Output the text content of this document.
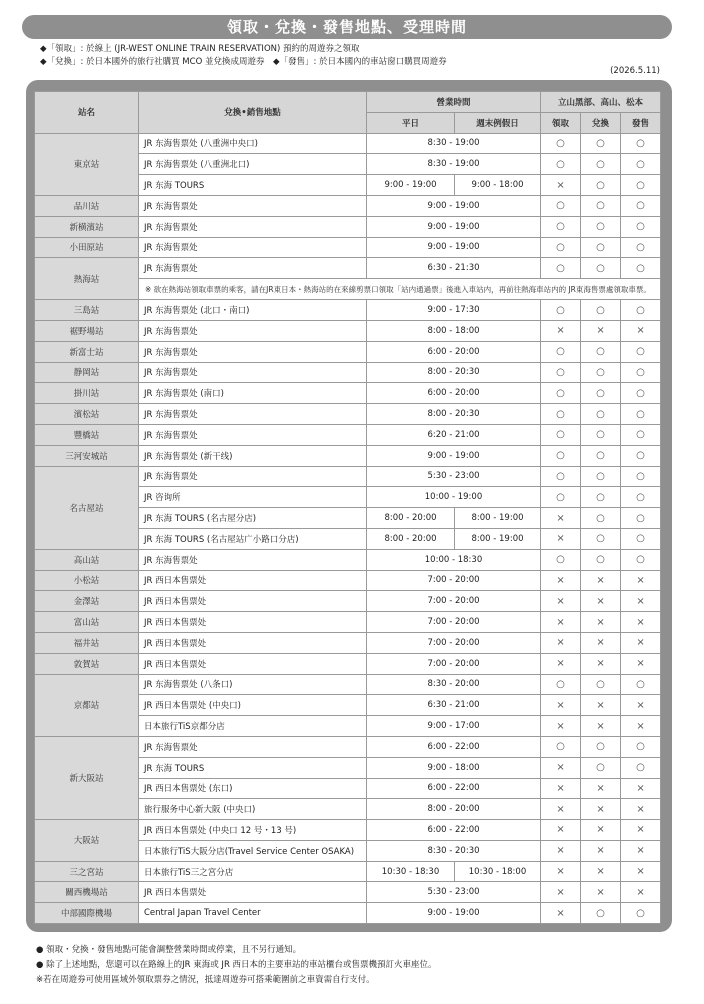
領取・兌換・發售地點、受理時間
◆「領取」: 於線上 (JR-WEST ONLINE TRAIN RESERVATION) 預約的周遊券之領取
◆「兌換」: 於日本國外的旅行社購買 MCO 並兌換成周遊券　◆「發售」: 於日本國內的車站窗口購買周遊券
(2026.5.11)
站名	兌換•銷售地點	營業時間		立山黑部、高山、松本		
		平日	週末例假日	領取	兌換	發售
東京站	JR 东海售票处 (八重洲中央口)	8:30 - 19:00		○	○	○
	JR 东海售票处 (八重洲北口)	8:30 - 19:00		○	○	○
	JR 东海 TOURS	9:00 - 19:00	9:00 - 18:00	×	○	○
品川站	JR 东海售票处	9:00 - 19:00		○	○	○
新横濱站	JR 东海售票处	9:00 - 19:00		○	○	○
小田原站	JR 东海售票处	9:00 - 19:00		○	○	○
熱海站	JR 东海售票处	6:30 - 21:30		○	○	○
	※ 欲在熱海站領取車票的乘客，請在JR東日本・熱海站的在來線剪票口領取「站内通過票」後進入車站内，再前往熱海車站内的 JR東海售票處領取車票。					
三島站	JR 东海售票处 (北口・南口)	9:00 - 17:30		○	○	○
裾野場站	JR 东海售票处	8:00 - 18:00		×	×	×
新富士站	JR 东海售票处	6:00 - 20:00		○	○	○
静岡站	JR 东海售票处	8:00 - 20:30		○	○	○
掛川站	JR 东海售票处 (南口)	6:00 - 20:00		○	○	○
濱松站	JR 东海售票处	8:00 - 20:30		○	○	○
豐橋站	JR 东海售票处	6:20 - 21:00		○	○	○
三河安城站	JR 东海售票处 (新干线)	9:00 - 19:00		○	○	○
名古屋站	JR 东海售票处	5:30 - 23:00		○	○	○
	JR 咨询所	10:00 - 19:00		○	○	○
	JR 东海 TOURS (名古屋分店)	8:00 - 20:00	8:00 - 19:00	×	○	○
	JR 东海 TOURS (名古屋站广小路口分店)	8:00 - 20:00	8:00 - 19:00	×	○	○
高山站	JR 东海售票处	10:00 - 18:30		○	○	○
小松站	JR 西日本售票处	7:00 - 20:00		×	×	×
金澤站	JR 西日本售票处	7:00 - 20:00		×	×	×
富山站	JR 西日本售票处	7:00 - 20:00		×	×	×
福井站	JR 西日本售票处	7:00 - 20:00		×	×	×
敦賀站	JR 西日本售票处	7:00 - 20:00		×	×	×
京都站	JR 东海售票处 (八条口)	8:30 - 20:00		○	○	○
	JR 西日本售票处 (中央口)	6:30 - 21:00		×	×	×
	日本旅行TiS京都分店	9:00 - 17:00		×	×	×
新大阪站	JR 东海售票处	6:00 - 22:00		○	○	○
	JR 东海 TOURS	9:00 - 18:00		×	○	○
	JR 西日本售票处 (东口)	6:00 - 22:00		×	×	×
	旅行服务中心新大阪 (中央口)	8:00 - 20:00		×	×	×
大阪站	JR 西日本售票处 (中央口 12 号・13 号)	6:00 - 22:00		×	×	×
	日本旅行TiS大阪分店(Travel Service Center OSAKA)	8:30 - 20:30		×	×	×
三之宮站	日本旅行TiS三之宮分店	10:30 - 18:30	10:30 - 18:00	×	×	×
關西機場站	JR 西日本售票处	5:30 - 23:00		×	×	×
中部國際機場	Central Japan Travel Center	9:00 - 19:00		×	○	○
● 領取・兌換・發售地點可能會調整營業時間或停業，且不另行通知。
● 除了上述地點，您還可以在路線上的JR 東海或 JR 西日本的主要車站的車站櫃台或售票機預訂火車座位。
※若在周遊券可使用區域外領取票券之情況，抵達周遊券可搭乘範圍前之車資需自行支付。
